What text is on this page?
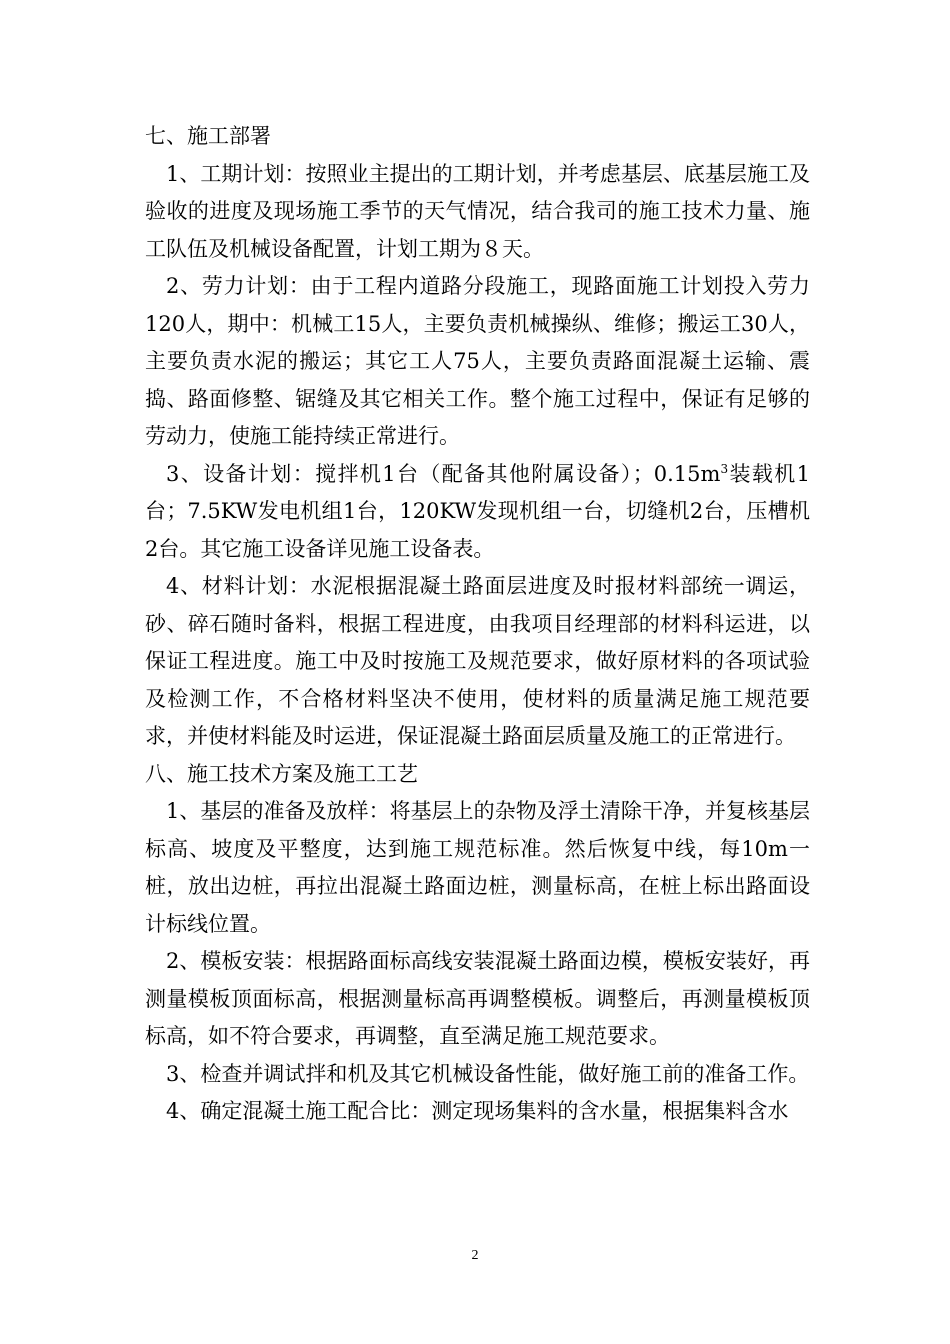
七、施工部署

1、工期计划：按照业主提出的工期计划，并考虑基层、底基层施工及验收的进度及现场施工季节的天气情况，结合我司的施工技术力量、施工队伍及机械设备配置，计划工期为８天。

2、劳力计划：由于工程内道路分段施工，现路面施工计划投入劳力120人，期中：机械工15人，主要负责机械操纵、维修；搬运工30人，主要负责水泥的搬运；其它工人75人，主要负责路面混凝土运输、震捣、路面修整、锯缝及其它相关工作。整个施工过程中，保证有足够的劳动力，使施工能持续正常进行。

3、设备计划：搅拌机1台（配备其他附属设备）；$0.15m^3$装载机1台；7.5KW发电机组1台，120KW发现机组一台，切缝机2台，压槽机2台。其它施工设备详见施工设备表。

4、材料计划：水泥根据混凝土路面层进度及时报材料部统一调运，砂、碎石随时备料，根据工程进度，由我项目经理部的材料科运进，以保证工程进度。施工中及时按施工及规范要求，做好原材料的各项试验及检测工作，不合格材料坚决不使用，使材料的质量满足施工规范要求，并使材料能及时运进，保证混凝土路面层质量及施工的正常进行。

八、施工技术方案及施工工艺

1、基层的准备及放样：将基层上的杂物及浮土清除干净，并复核基层标高、坡度及平整度，达到施工规范标准。然后恢复中线，每10m一桩，放出边桩，再拉出混凝土路面边桩，测量标高，在桩上标出路面设计标线位置。

2、模板安装：根据路面标高线安装混凝土路面边模，模板安装好，再测量模板顶面标高，根据测量标高再调整模板。调整后，再测量模板顶标高，如不符合要求，再调整，直至满足施工规范要求。

3、检查并调试拌和机及其它机械设备性能，做好施工前的准备工作。

4、确定混凝土施工配合比：测定现场集料的含水量，根据集料含水

2
